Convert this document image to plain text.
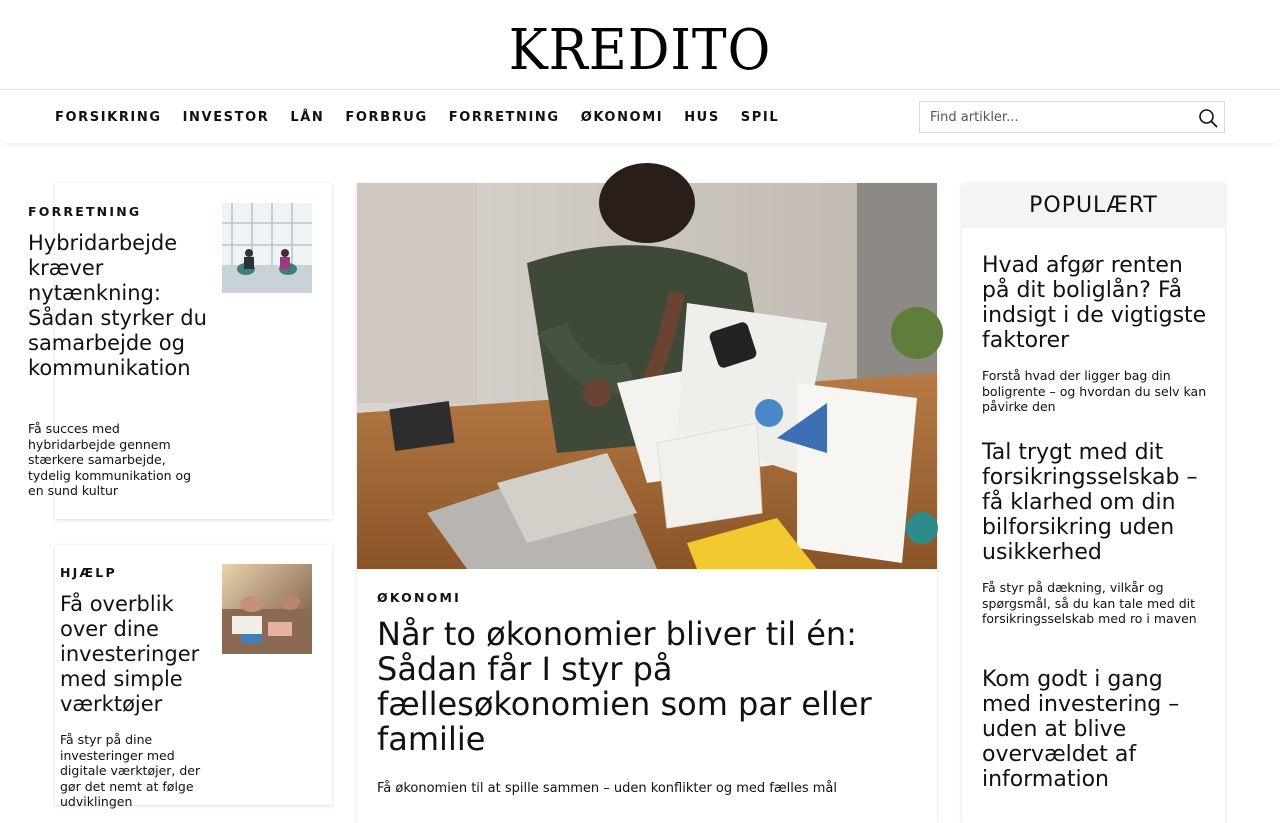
KREDITO
FORSIKRING INVESTOR LÅN FORBRUG FORRETNING ØKONOMI HUS SPIL
Find artikler...
FORRETNING
Hybridarbejde kræver nytænkning: Sådan styrker du samarbejde og kommunikation

Få succes med hybridarbejde gennem stærkere samarbejde, tydelig kommunikation og en sund kultur

HJÆLP
Få overblik over dine investeringer med simple værktøjer

Få styr på dine investeringer med digitale værktøjer, der gør det nemt at følge udviklingen

ØKONOMI
Når to økonomier bliver til én: Sådan får I styr på fællesøkonomien som par eller familie

Få økonomien til at spille sammen – uden konflikter og med fælles mål

POPULÆRT
Hvad afgør renten på dit boliglån? Få indsigt i de vigtigste faktorer

Forstå hvad der ligger bag din boligrente – og hvordan du selv kan påvirke den

Tal trygt med dit forsikringsselskab – få klarhed om din bilforsikring uden usikkerhed

Få styr på dækning, vilkår og spørgsmål, så du kan tale med dit forsikringsselskab med ro i maven

Kom godt i gang med investering – uden at blive overvældet af information
